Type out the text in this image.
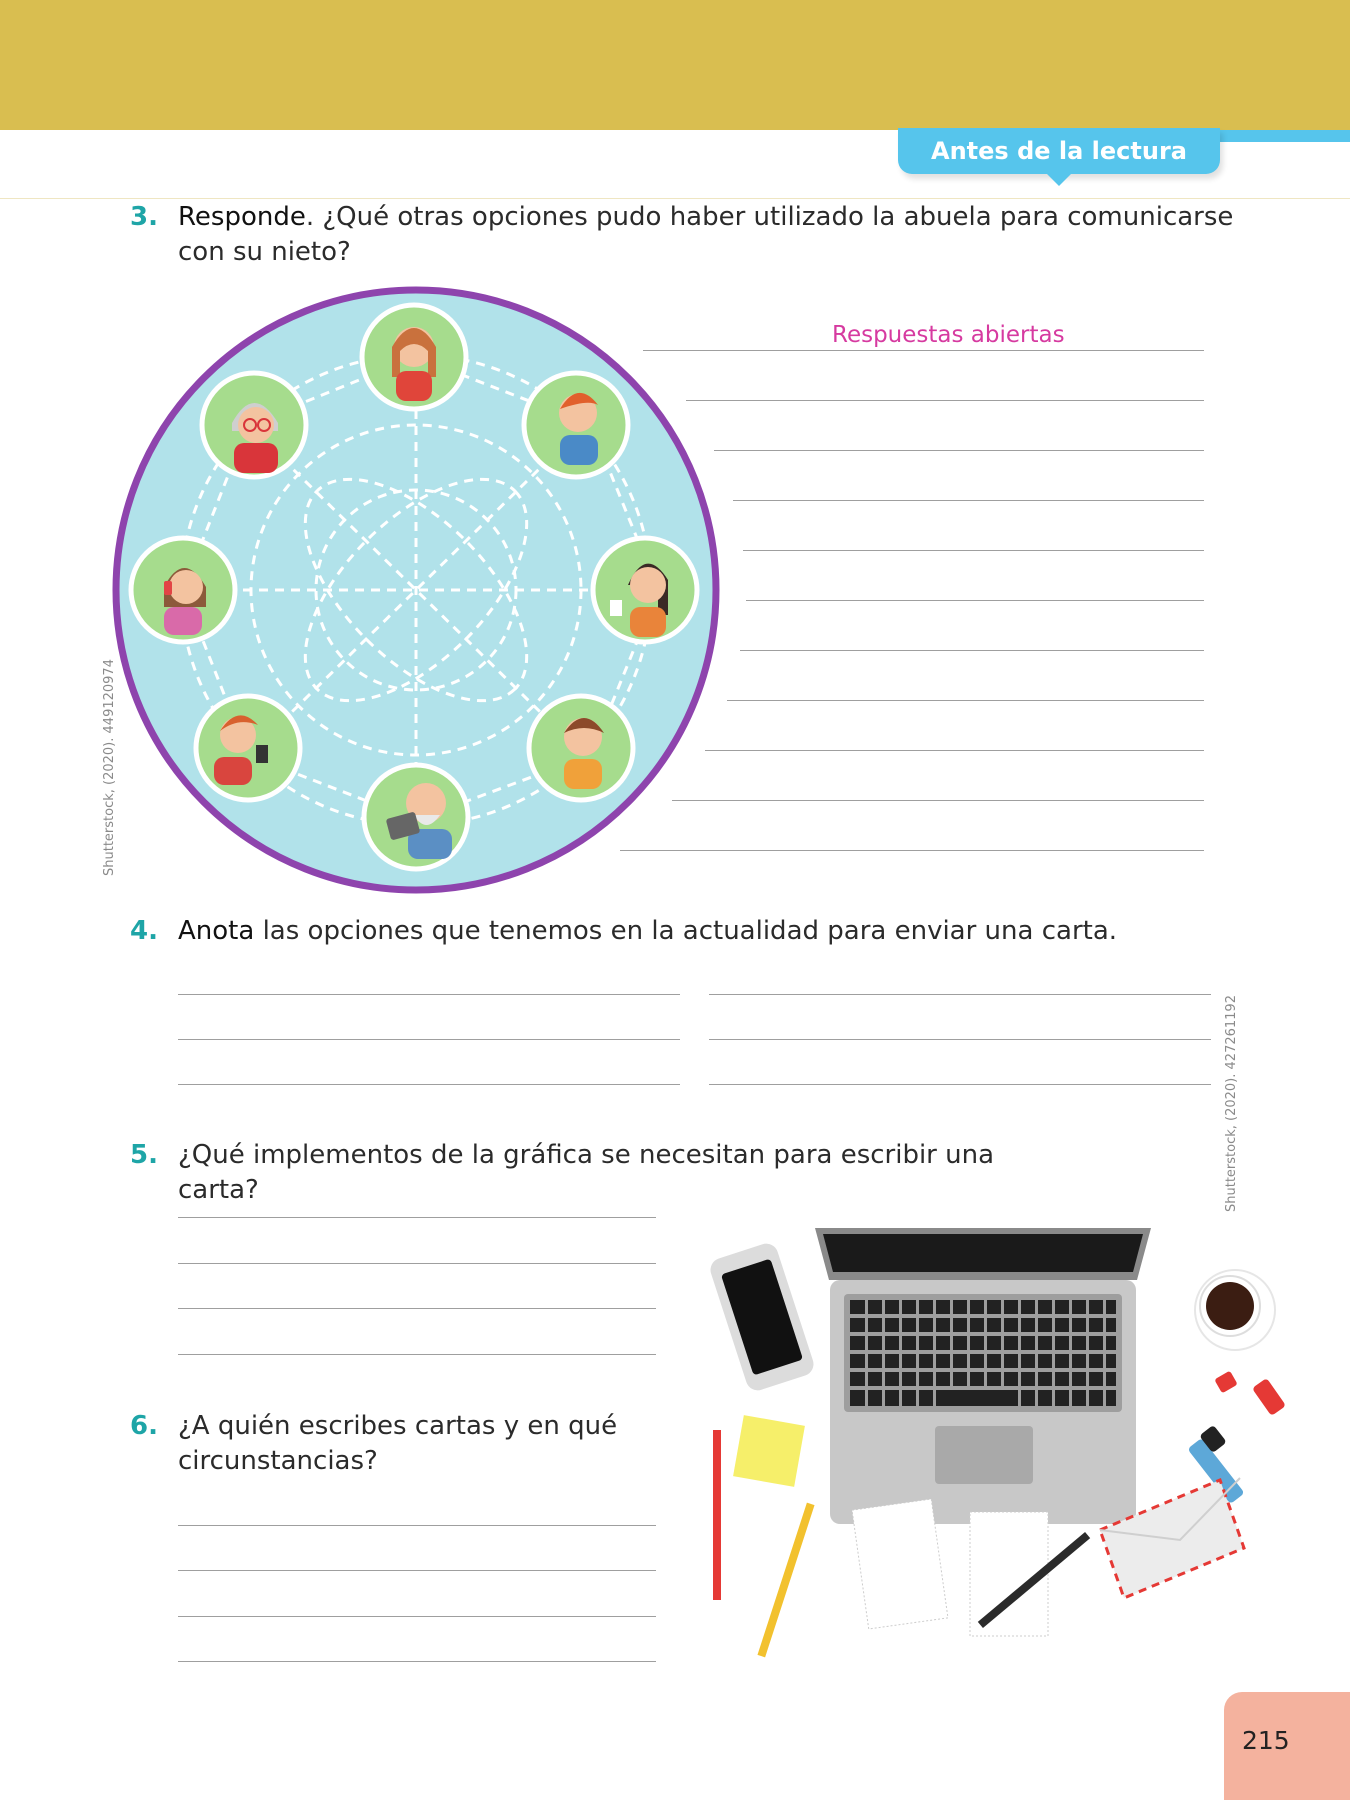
Antes de la lectura
3. Responde. ¿Qué otras opciones pudo haber utilizado la abuela para comunicarse con su nieto?
Shutterstock, (2020). 449120974
Respuestas abiertas
4. Anota las opciones que tenemos en la actualidad para enviar una carta.
Shutterstock, (2020). 427261192
5. ¿Qué implementos de la gráfica se necesitan para escribir una carta?
6. ¿A quién escribes cartas y en qué circunstancias?
215
